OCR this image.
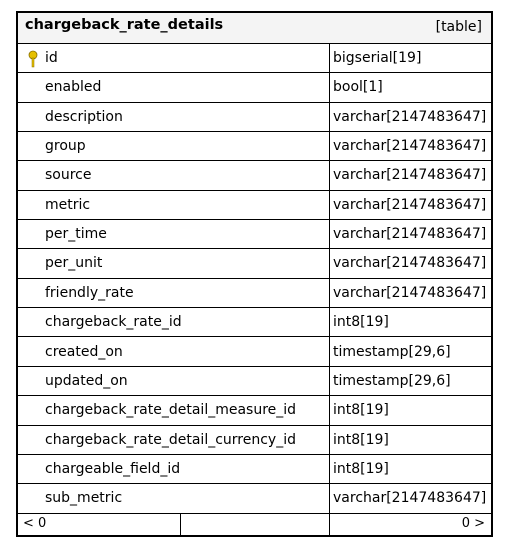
chargeback_rate_details	[table]
id	bigserial[19]
enabled	bool[1]
description	varchar[2147483647]
group	varchar[2147483647]
source	varchar[2147483647]
metric	varchar[2147483647]
per_time	varchar[2147483647]
per_unit	varchar[2147483647]
friendly_rate	varchar[2147483647]
chargeback_rate_id	int8[19]
created_on	timestamp[29,6]
updated_on	timestamp[29,6]
chargeback_rate_detail_measure_id	int8[19]
chargeback_rate_detail_currency_id	int8[19]
chargeable_field_id	int8[19]
sub_metric	varchar[2147483647]
< 0	0 >
